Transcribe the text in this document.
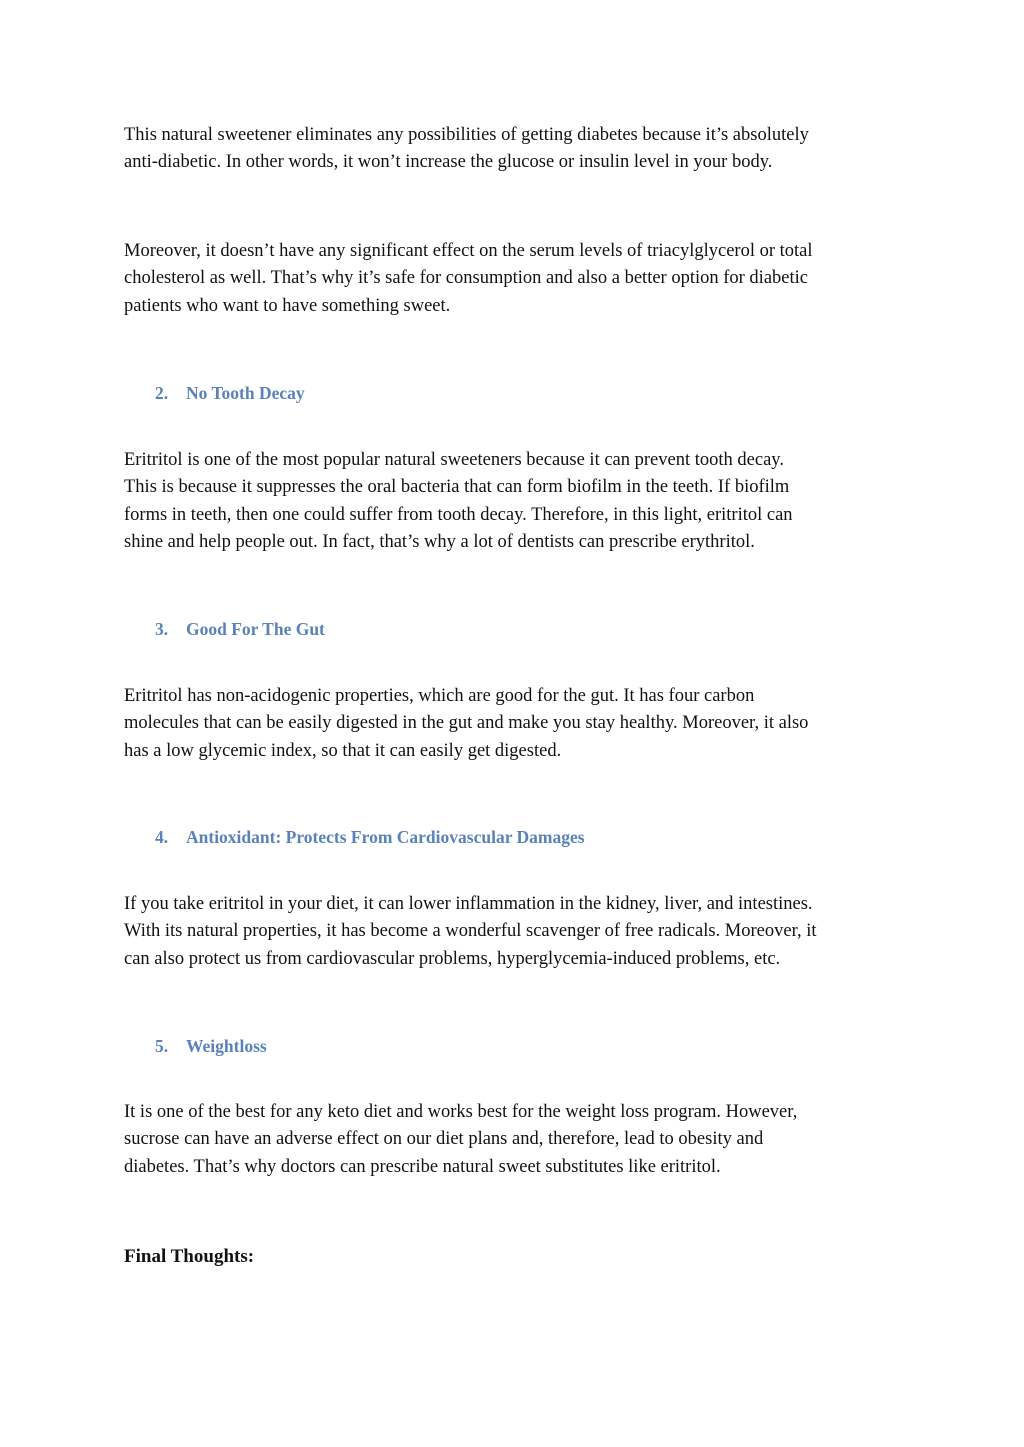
This natural sweetener eliminates any possibilities of getting diabetes because it’s absolutely
anti-diabetic. In other words, it won’t increase the glucose or insulin level in your body.

Moreover, it doesn’t have any significant effect on the serum levels of triacylglycerol or total
cholesterol as well. That’s why it’s safe for consumption and also a better option for diabetic
patients who want to have something sweet.

2. No Tooth Decay

Eritritol is one of the most popular natural sweeteners because it can prevent tooth decay.
This is because it suppresses the oral bacteria that can form biofilm in the teeth. If biofilm
forms in teeth, then one could suffer from tooth decay. Therefore, in this light, eritritol can
shine and help people out. In fact, that’s why a lot of dentists can prescribe erythritol.

3. Good For The Gut

Eritritol has non-acidogenic properties, which are good for the gut. It has four carbon
molecules that can be easily digested in the gut and make you stay healthy. Moreover, it also
has a low glycemic index, so that it can easily get digested.

4. Antioxidant: Protects From Cardiovascular Damages

If you take eritritol in your diet, it can lower inflammation in the kidney, liver, and intestines.
With its natural properties, it has become a wonderful scavenger of free radicals. Moreover, it
can also protect us from cardiovascular problems, hyperglycemia-induced problems, etc.

5. Weightloss

It is one of the best for any keto diet and works best for the weight loss program. However,
sucrose can have an adverse effect on our diet plans and, therefore, lead to obesity and
diabetes. That’s why doctors can prescribe natural sweet substitutes like eritritol.

Final Thoughts:
